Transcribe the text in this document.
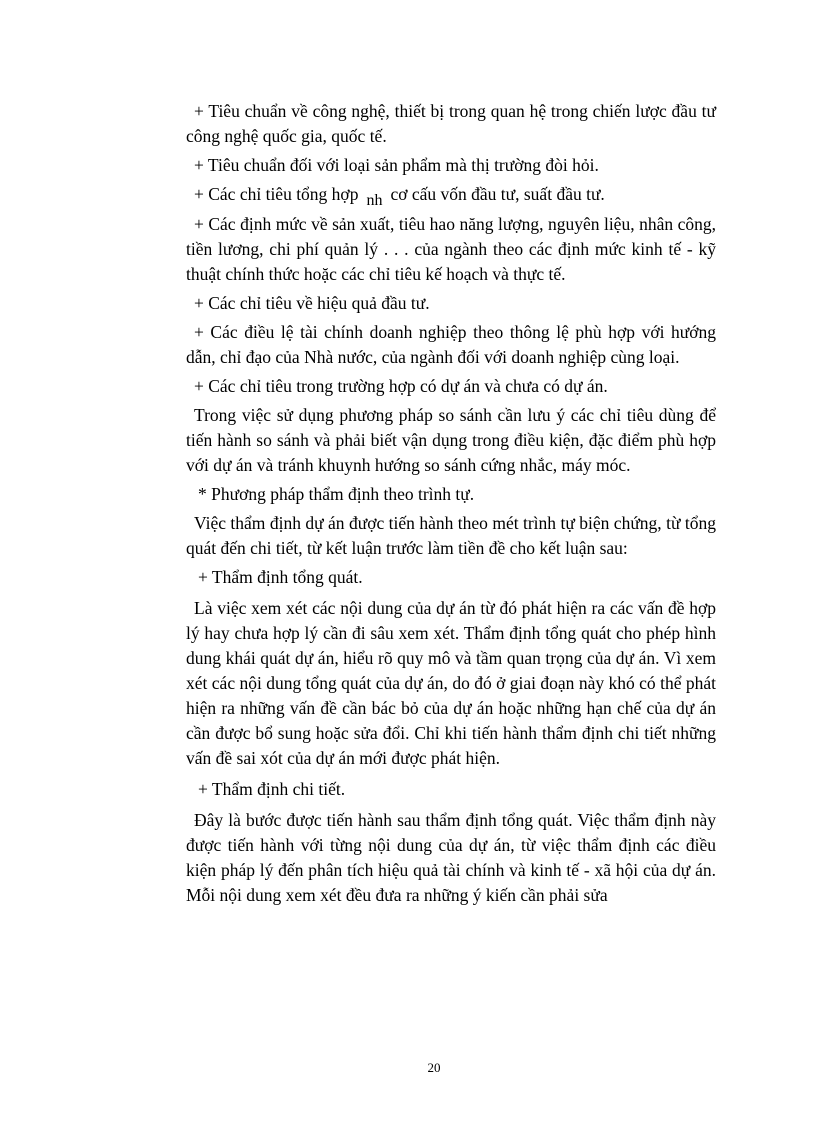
+ Tiêu chuẩn về công nghệ, thiết bị trong quan hệ trong chiến lược đầu tư công nghệ quốc gia, quốc tế.

+ Tiêu chuẩn đối với loại sản phẩm mà thị trường đòi hỏi.

+ Các chỉ tiêu tổng hợp nh cơ cấu vốn đầu tư, suất đầu tư.

+ Các định mức về sản xuất, tiêu hao năng lượng, nguyên liệu, nhân công, tiền lương, chi phí quản lý . . . của ngành theo các định mức kinh tế - kỹ thuật chính thức hoặc các chỉ tiêu kế hoạch và thực tế.

+ Các chỉ tiêu về hiệu quả đầu tư.

+ Các điều lệ tài chính doanh nghiệp theo thông lệ phù hợp với hướng dẫn, chỉ đạo của Nhà nước, của ngành đối với doanh nghiệp cùng loại.

+ Các chỉ tiêu trong trường hợp có dự án và chưa có dự án.

Trong việc sử dụng phương pháp so sánh cần lưu ý các chỉ tiêu dùng để tiến hành so sánh và phải biết vận dụng trong điều kiện, đặc điểm phù hợp với dự án và tránh khuynh hướng so sánh cứng nhắc, máy móc.

* Phương pháp thẩm định theo trình tự.

Việc thẩm định dự án được tiến hành theo mét trình tự biện chứng, từ tổng quát đến chi tiết, từ kết luận trước làm tiền đề cho kết luận sau:

+ Thẩm định tổng quát.

Là việc xem xét các nội dung của dự án từ đó phát hiện ra các vấn đề hợp lý hay chưa hợp lý cần đi sâu xem xét. Thẩm định tổng quát cho phép hình dung khái quát dự án, hiểu rõ quy mô và tầm quan trọng của dự án. Vì xem xét các nội dung tổng quát của dự án, do đó ở giai đoạn này khó có thể phát hiện ra những vấn đề cần bác bỏ của dự án hoặc những hạn chế của dự án cần được bổ sung hoặc sửa đổi. Chỉ khi tiến hành thẩm định chi tiết những vấn đề sai xót của dự án mới được phát hiện.

+ Thẩm định chi tiết.

Đây là bước được tiến hành sau thẩm định tổng quát. Việc thẩm định này được tiến hành với từng nội dung của dự án, từ việc thẩm định các điều kiện pháp lý đến phân tích hiệu quả tài chính và kinh tế - xã hội của dự án. Mỗi nội dung xem xét đều đưa ra những ý kiến cần phải sửa

20
